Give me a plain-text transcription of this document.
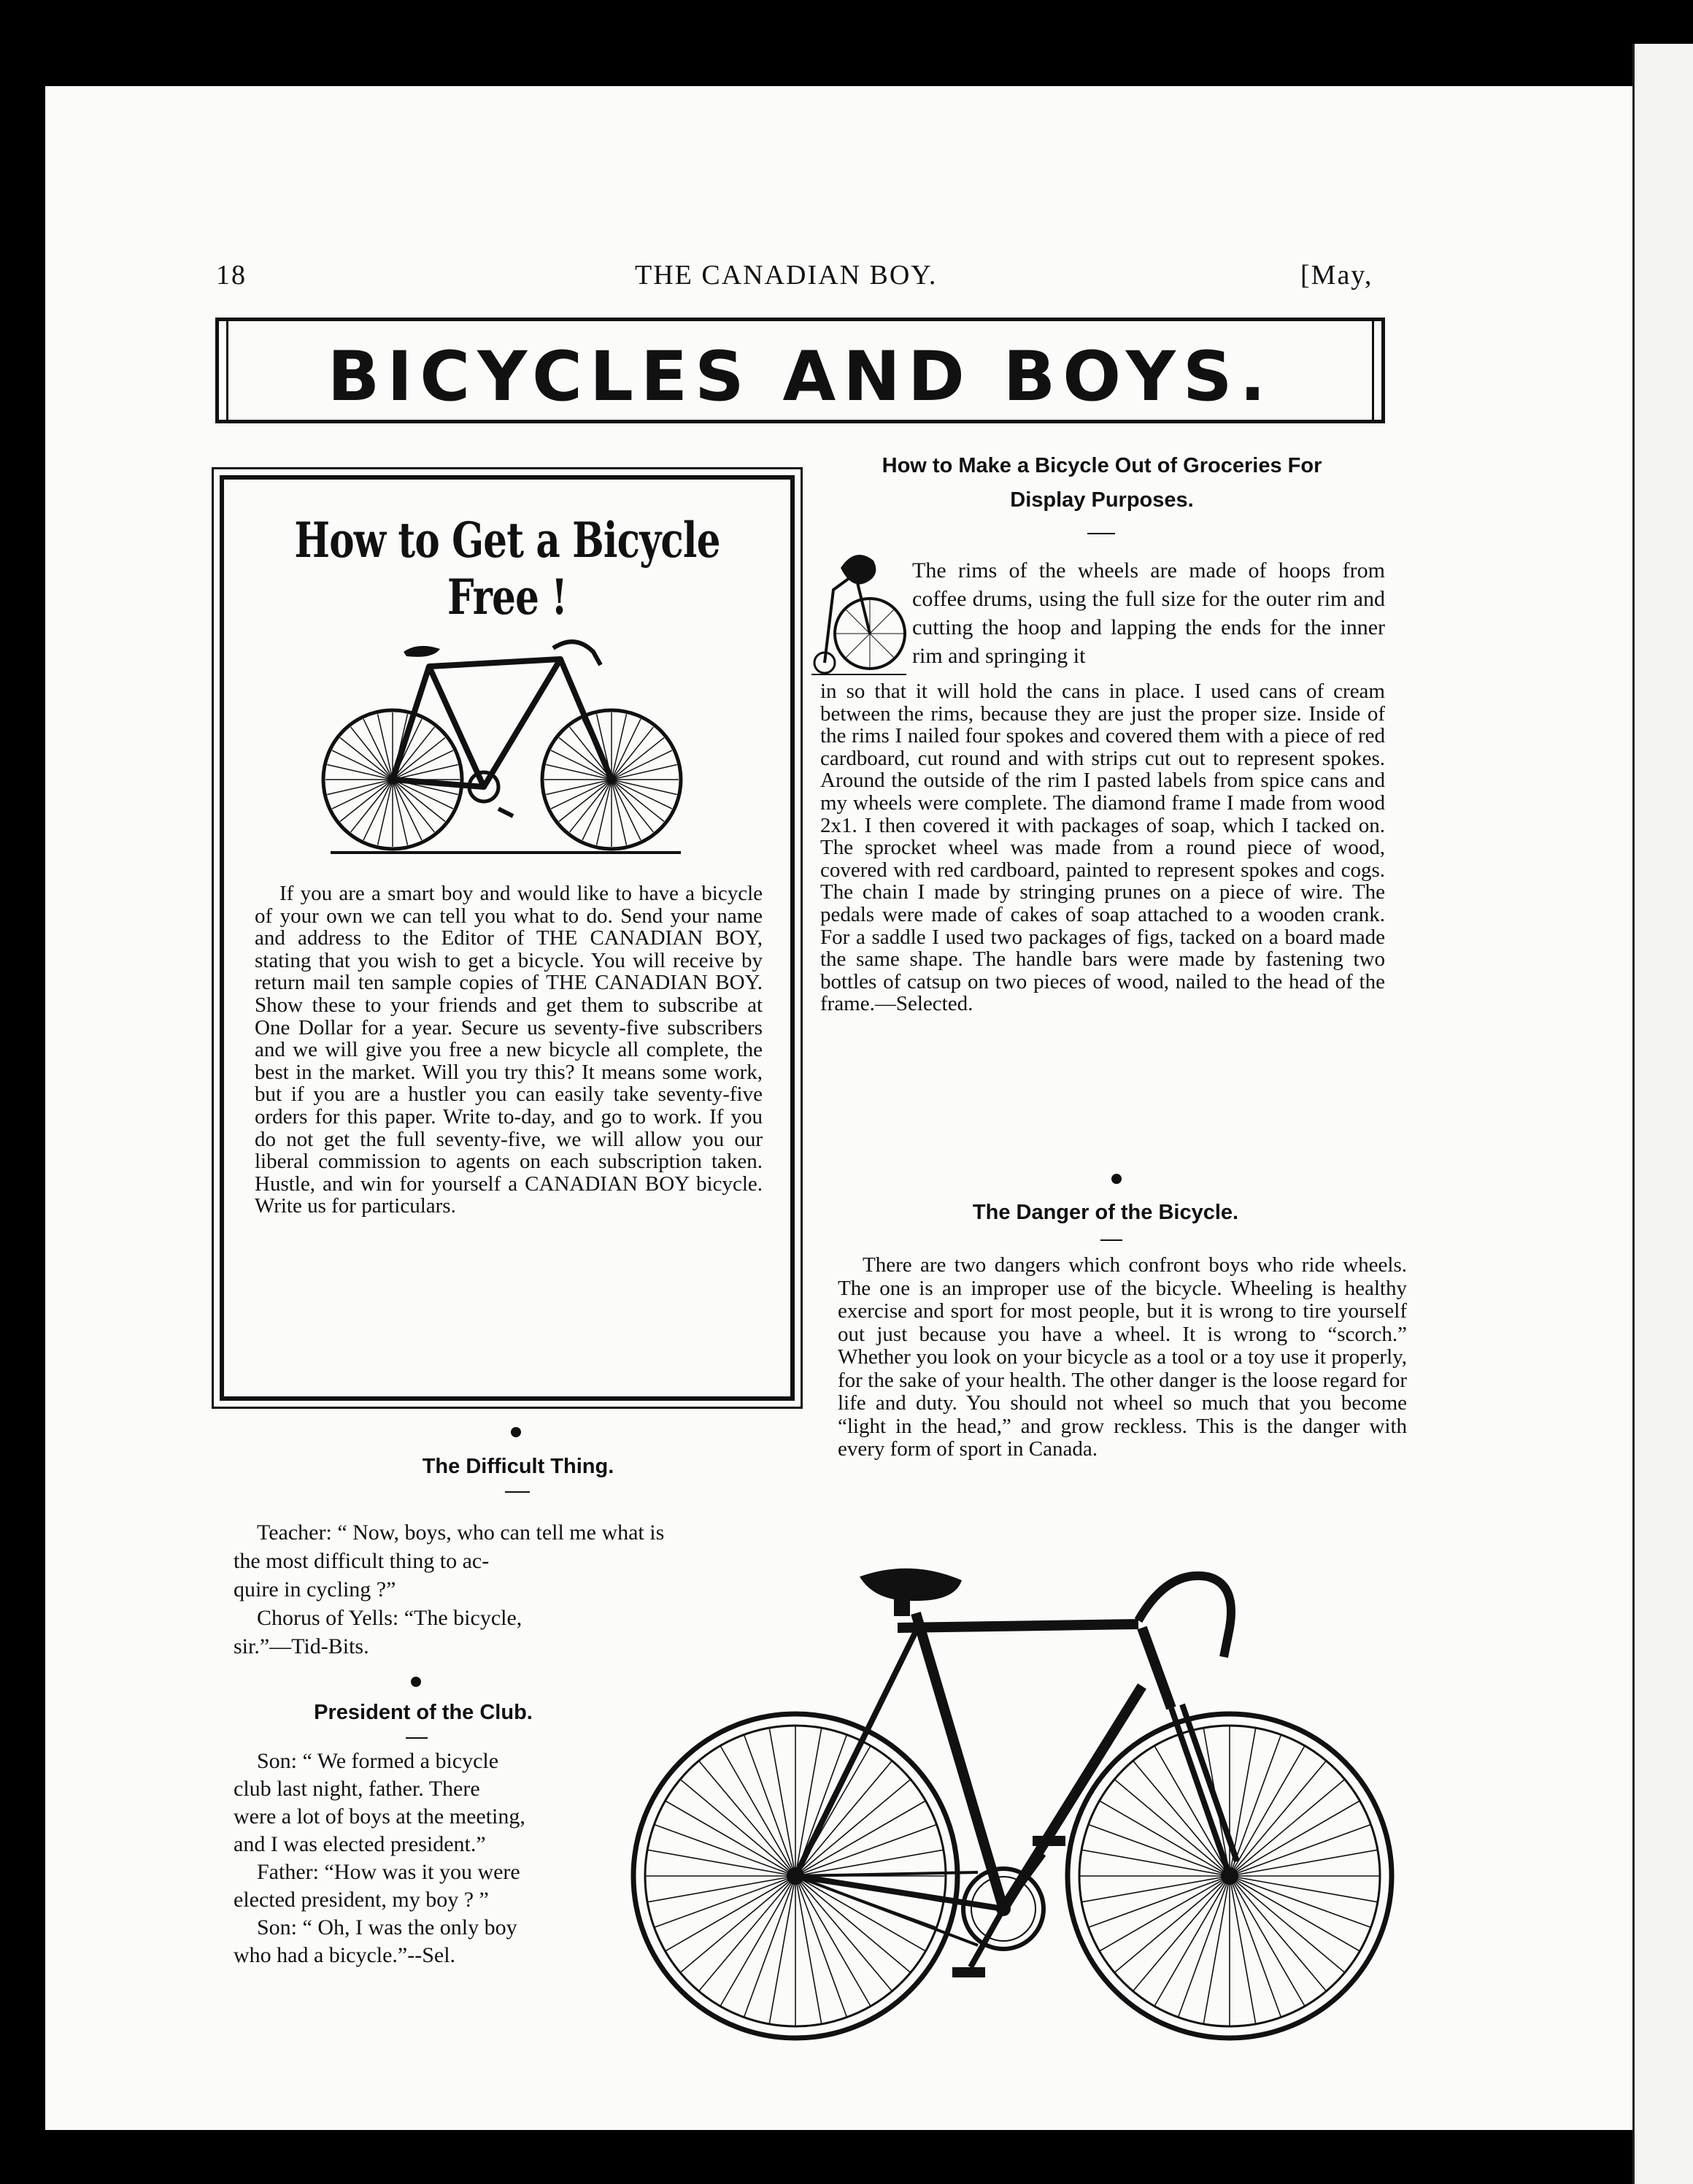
18	THE CANADIAN BOY.	[May,
BICYCLES AND BOYS.
How to Get a Bicycle Free !
If you are a smart boy and would like to have a bicycle of your own we can tell you what to do. Send your name and address to the Editor of THE CANADIAN BOY, stating that you wish to get a bicycle. You will receive by return mail ten sample copies of THE CANADIAN BOY. Show these to your friends and get them to subscribe at One Dollar for a year. Secure us seventy-five subscribers and we will give you free a new bicycle all complete, the best in the market. Will you try this? It means some work, but if you are a hustler you can easily take seventy-five orders for this paper. Write to-day, and go to work. If you do not get the full seventy-five, we will allow you our liberal commission to agents on each subscription taken. Hustle, and win for yourself a CANADIAN BOY bicycle. Write us for particulars.
How to Make a Bicycle Out of Groceries For
Display Purposes.
The rims of the wheels are made of hoops from coffee drums, using the full size for the outer rim and cutting the hoop and lapping the ends for the inner rim and springing it
in so that it will hold the cans in place. I used cans of cream between the rims, because they are just the proper size. Inside of the rims I nailed four spokes and covered them with a piece of red cardboard, cut round and with strips cut out to represent spokes. Around the outside of the rim I pasted labels from spice cans and my wheels were complete. The diamond frame I made from wood 2x1. I then covered it with packages of soap, which I tacked on. The sprocket wheel was made from a round piece of wood, covered with red cardboard, painted to represent spokes and cogs. The chain I made by stringing prunes on a piece of wire. The pedals were made of cakes of soap attached to a wooden crank. For a saddle I used two packages of figs, tacked on a board made the same shape. The handle bars were made by fastening two bottles of catsup on two pieces of wood, nailed to the head of the frame.—Selected.
The Danger of the Bicycle.
There are two dangers which confront boys who ride wheels. The one is an improper use of the bicycle. Wheeling is healthy exercise and sport for most people, but it is wrong to tire yourself out just because you have a wheel. It is wrong to “scorch.” Whether you look on your bicycle as a tool or a toy use it properly, for the sake of your health. The other danger is the loose regard for life and duty. You should not wheel so much that you become “light in the head,” and grow reckless. This is the danger with every form of sport in Canada.
The Difficult Thing.
Teacher: “ Now, boys, who can tell me what is
the most difficult thing to ac-
quire in cycling ?”
Chorus of Yells: “The bicycle,
sir.”—Tid-Bits.
President of the Club.
Son: “ We formed a bicycle
club last night, father. There
were a lot of boys at the meeting,
and I was elected president.”
Father: “How was it you were
elected president, my boy ? ”
Son: “ Oh, I was the only boy
who had a bicycle.”--Sel.
